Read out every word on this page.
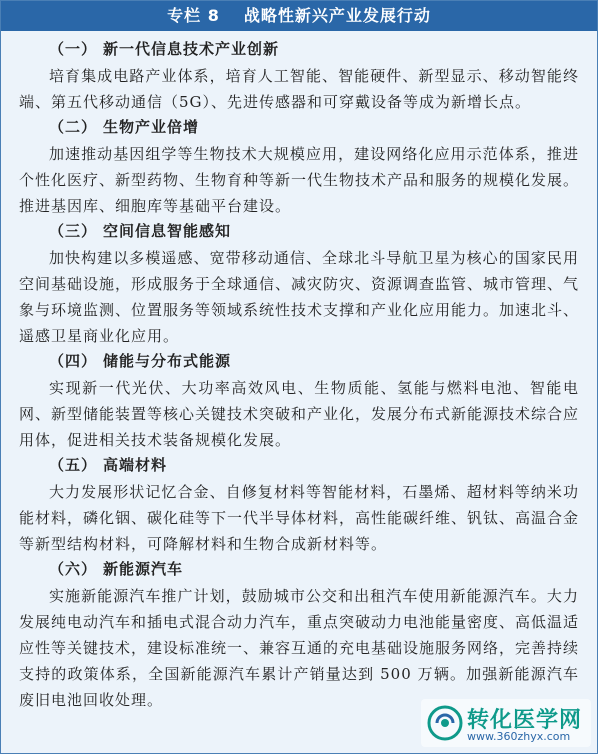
专栏 8 战略性新兴产业发展行动
（一） 新一代信息技术产业创新

培育集成电路产业体系，培育人工智能、智能硬件、新型显示、移动智能终端、第五代移动通信（5G）、先进传感器和可穿戴设备等成为新增长点。

（二） 生物产业倍增

加速推动基因组学等生物技术大规模应用，建设网络化应用示范体系，推进个性化医疗、新型药物、生物育种等新一代生物技术产品和服务的规模化发展。推进基因库、细胞库等基础平台建设。

（三） 空间信息智能感知

加快构建以多模遥感、宽带移动通信、全球北斗导航卫星为核心的国家民用空间基础设施，形成服务于全球通信、减灾防灾、资源调查监管、城市管理、气象与环境监测、位置服务等领域系统性技术支撑和产业化应用能力。加速北斗、遥感卫星商业化应用。

（四） 储能与分布式能源

实现新一代光伏、大功率高效风电、生物质能、氢能与燃料电池、智能电网、新型储能装置等核心关键技术突破和产业化，发展分布式新能源技术综合应用体，促进相关技术装备规模化发展。

（五） 高端材料

大力发展形状记忆合金、自修复材料等智能材料，石墨烯、超材料等纳米功能材料，磷化铟、碳化硅等下一代半导体材料，高性能碳纤维、钒钛、高温合金等新型结构材料，可降解材料和生物合成新材料等。

（六） 新能源汽车

实施新能源汽车推广计划，鼓励城市公交和出租汽车使用新能源汽车。大力发展纯电动汽车和插电式混合动力汽车，重点突破动力电池能量密度、高低温适应性等关键技术，建设标准统一、兼容互通的充电基础设施服务网络，完善持续支持的政策体系，全国新能源汽车累计产销量达到 500 万辆。加强新能源汽车废旧电池回收处理。

转化医学网
www.360zhyx.com
